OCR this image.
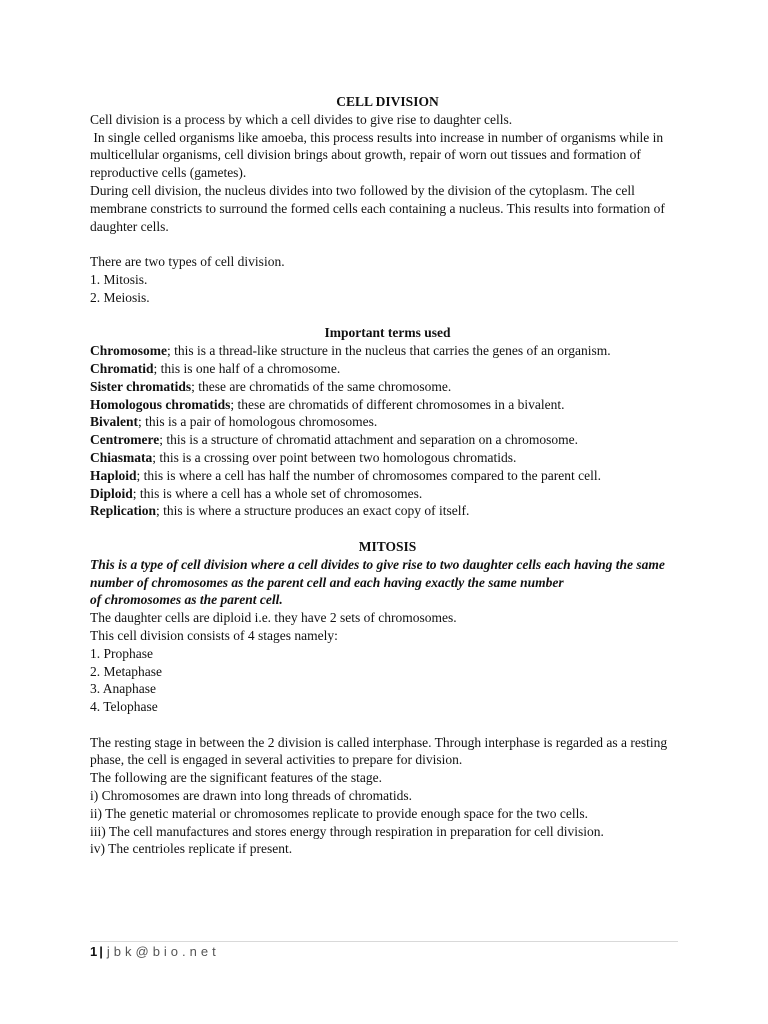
CELL DIVISION

Cell division is a process by which a cell divides to give rise to daughter cells.

In single celled organisms like amoeba, this process results into increase in number of organisms while in multicellular organisms, cell division brings about growth, repair of worn out tissues and formation of reproductive cells (gametes).

During cell division, the nucleus divides into two followed by the division of the cytoplasm. The cell membrane constricts to surround the formed cells each containing a nucleus. This results into formation of daughter cells.

There are two types of cell division.

1. Mitosis.

2. Meiosis.

Important terms used

Chromosome; this is a thread-like structure in the nucleus that carries the genes of an organism.

Chromatid; this is one half of a chromosome.

Sister chromatids; these are chromatids of the same chromosome.

Homologous chromatids; these are chromatids of different chromosomes in a bivalent.

Bivalent; this is a pair of homologous chromosomes.

Centromere; this is a structure of chromatid attachment and separation on a chromosome.

Chiasmata; this is a crossing over point between two homologous chromatids.

Haploid; this is where a cell has half the number of chromosomes compared to the parent cell.

Diploid; this is where a cell has a whole set of chromosomes.

Replication; this is where a structure produces an exact copy of itself.

MITOSIS

This is a type of cell division where a cell divides to give rise to two daughter cells each having the same number of chromosomes as the parent cell and each having exactly the same number

of chromosomes as the parent cell.

The daughter cells are diploid i.e. they have 2 sets of chromosomes.

This cell division consists of 4 stages namely:

1. Prophase

2. Metaphase

3. Anaphase

4. Telophase

The resting stage in between the 2 division is called interphase. Through interphase is regarded as a resting phase, the cell is engaged in several activities to prepare for division.

The following are the significant features of the stage.

i) Chromosomes are drawn into long threads of chromatids.

ii) The genetic material or chromosomes replicate to provide enough space for the two cells.

iii) The cell manufactures and stores energy through respiration in preparation for cell division.

iv) The centrioles replicate if present.

1 | jbk@bio.net
